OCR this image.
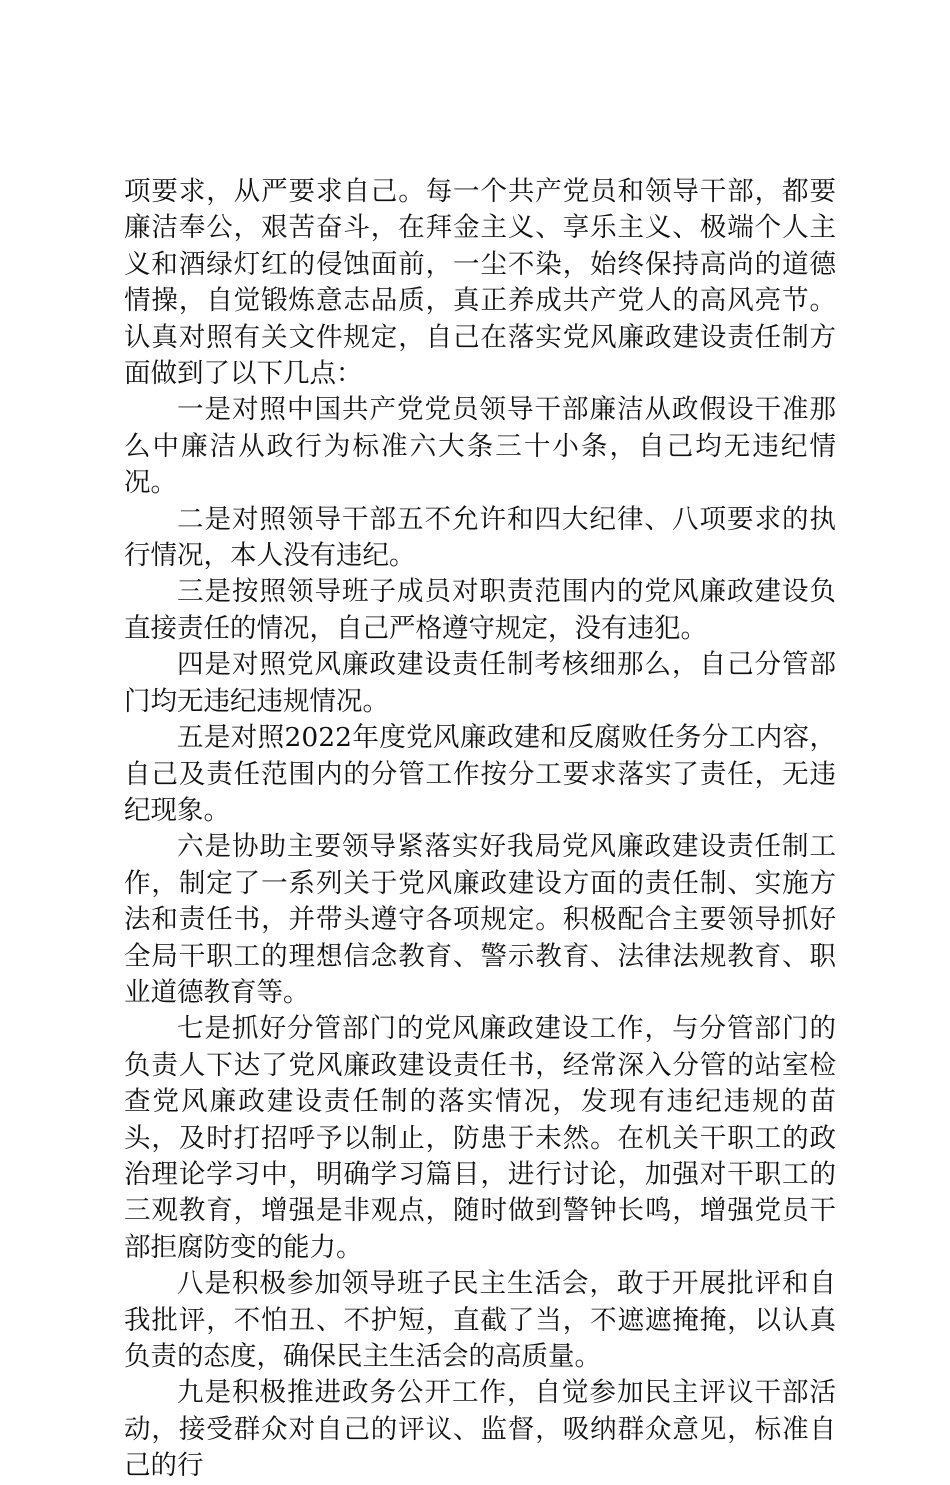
项要求，从严要求自己。每一个共产党员和领导干部，都要廉洁奉公，艰苦奋斗，在拜金主义、享乐主义、极端个人主义和酒绿灯红的侵蚀面前，一尘不染，始终保持高尚的道德情操，自觉锻炼意志品质，真正养成共产党人的高风亮节。认真对照有关文件规定，自己在落实党风廉政建设责任制方面做到了以下几点：

一是对照中国共产党党员领导干部廉洁从政假设干准那么中廉洁从政行为标准六大条三十小条，自己均无违纪情况。

二是对照领导干部五不允许和四大纪律、八项要求的执行情况，本人没有违纪。

三是按照领导班子成员对职责范围内的党风廉政建设负直接责任的情况，自己严格遵守规定，没有违犯。

四是对照党风廉政建设责任制考核细那么，自己分管部门均无违纪违规情况。

五是对照2022年度党风廉政建和反腐败任务分工内容，自己及责任范围内的分管工作按分工要求落实了责任，无违纪现象。

六是协助主要领导紧落实好我局党风廉政建设责任制工作，制定了一系列关于党风廉政建设方面的责任制、实施方法和责任书，并带头遵守各项规定。积极配合主要领导抓好全局干职工的理想信念教育、警示教育、法律法规教育、职业道德教育等。

七是抓好分管部门的党风廉政建设工作，与分管部门的负责人下达了党风廉政建设责任书，经常深入分管的站室检查党风廉政建设责任制的落实情况，发现有违纪违规的苗头，及时打招呼予以制止，防患于未然。在机关干职工的政治理论学习中，明确学习篇目，进行讨论，加强对干职工的三观教育，增强是非观点，随时做到警钟长鸣，增强党员干部拒腐防变的能力。

八是积极参加领导班子民主生活会，敢于开展批评和自我批评，不怕丑、不护短，直截了当，不遮遮掩掩，以认真负责的态度，确保民主生活会的高质量。

九是积极推进政务公开工作，自觉参加民主评议干部活动，接受群众对自己的评议、监督，吸纳群众意见，标准自己的行
